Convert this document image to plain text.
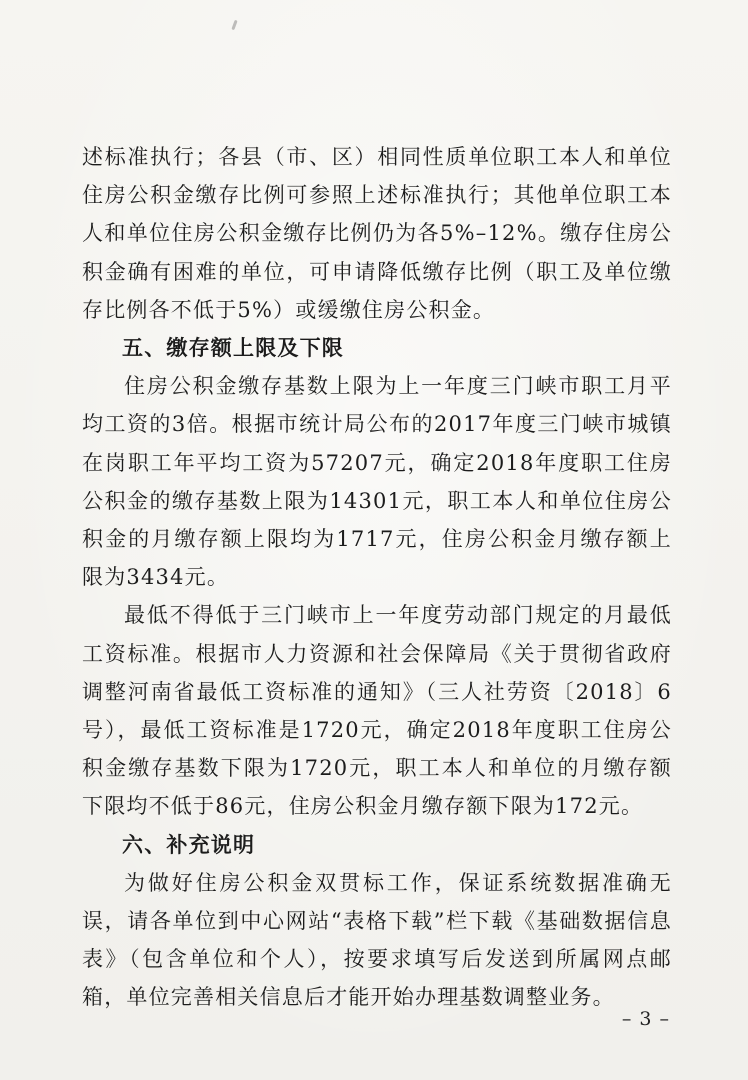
述标准执行；各县（市、区）相同性质单位职工本人和单位住房公积金缴存比例可参照上述标准执行；其他单位职工本人和单位住房公积金缴存比例仍为各5%–12%。缴存住房公积金确有困难的单位，可申请降低缴存比例（职工及单位缴存比例各不低于5%）或缓缴住房公积金。

五、缴存额上限及下限

住房公积金缴存基数上限为上一年度三门峡市职工月平均工资的3倍。根据市统计局公布的2017年度三门峡市城镇在岗职工年平均工资为57207元，确定2018年度职工住房公积金的缴存基数上限为14301元，职工本人和单位住房公积金的月缴存额上限均为1717元，住房公积金月缴存额上限为3434元。

最低不得低于三门峡市上一年度劳动部门规定的月最低工资标准。根据市人力资源和社会保障局《关于贯彻省政府调整河南省最低工资标准的通知》（三人社劳资〔2018〕6号），最低工资标准是1720元，确定2018年度职工住房公积金缴存基数下限为1720元，职工本人和单位的月缴存额下限均不低于86元，住房公积金月缴存额下限为172元。

六、补充说明

为做好住房公积金双贯标工作，保证系统数据准确无误，请各单位到中心网站“表格下载”栏下载《基础数据信息表》（包含单位和个人），按要求填写后发送到所属网点邮箱，单位完善相关信息后才能开始办理基数调整业务。

– 3 –
